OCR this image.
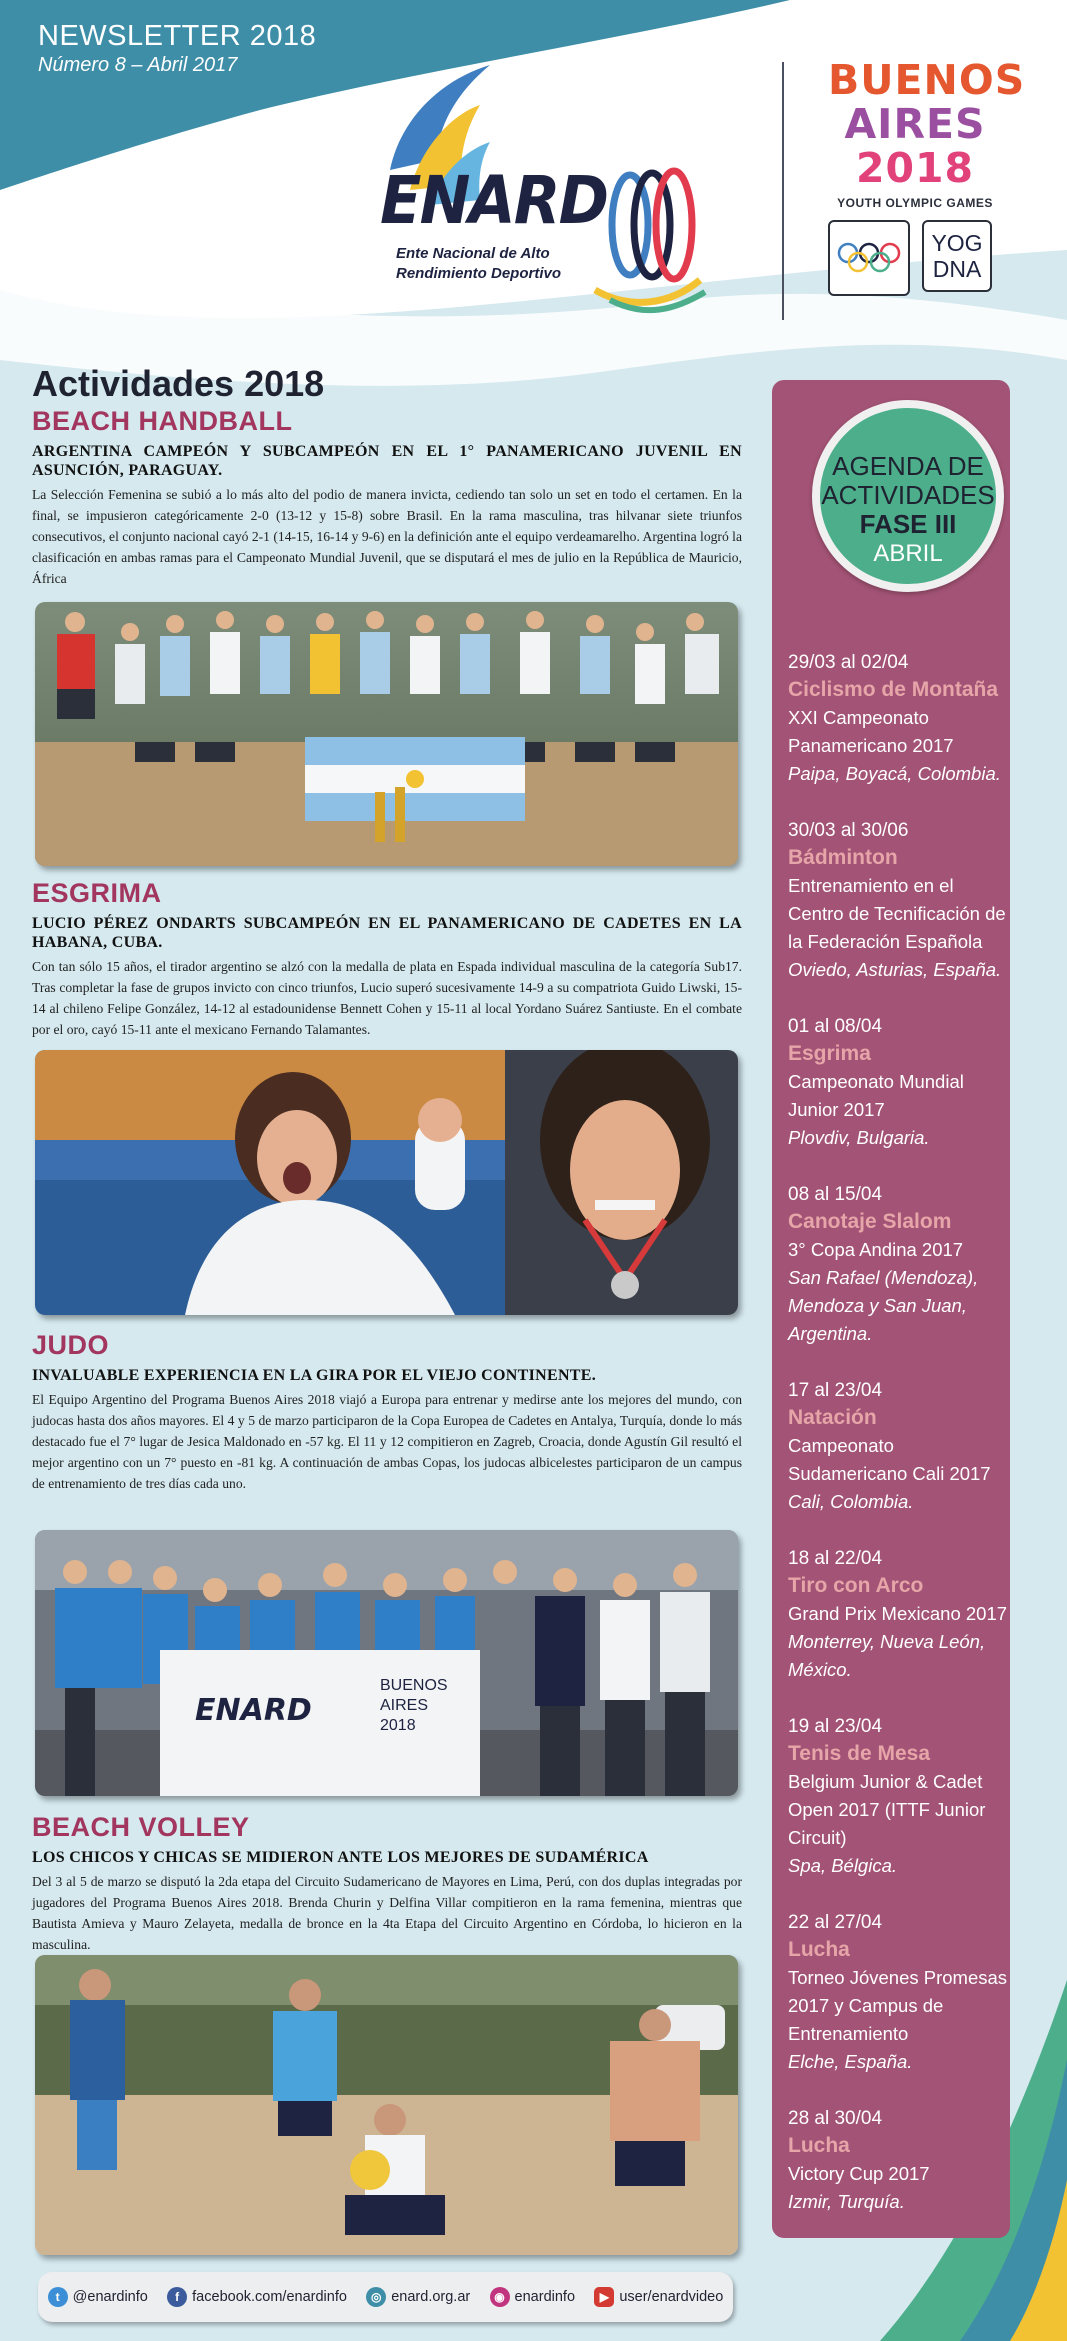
NEWSLETTER 2018
Número 8 – Abril 2017
ENARD
Ente Nacional de Alto
Rendimiento Deportivo
BUENOS
AIRES
2018
YOUTH OLYMPIC GAMES
YOG
DNA
Actividades 2018
BEACH HANDBALL
ARGENTINA CAMPEÓN Y SUBCAMPEÓN EN EL 1° PANAMERICANO JUVENIL EN ASUNCIÓN, PARAGUAY.

La Selección Femenina se subió a lo más alto del podio de manera invicta, cediendo tan solo un set en todo el certamen. En la final, se impusieron categóricamente 2-0 (13-12 y 15-8) sobre Brasil. En la rama masculina, tras hilvanar siete triunfos consecutivos, el conjunto nacional cayó 2-1 (14-15, 16-14 y 9-6) en la definición ante el equipo verdeamarelho. Argentina logró la clasificación en ambas ramas para el Campeonato Mundial Juvenil, que se disputará el mes de julio en la República de Mauricio, África

ESGRIMA
LUCIO PÉREZ ONDARTS SUBCAMPEÓN EN EL PANAMERICANO DE CADETES EN LA HABANA, CUBA.

Con tan sólo 15 años, el tirador argentino se alzó con la medalla de plata en Espada individual masculina de la categoría Sub17. Tras completar la fase de grupos invicto con cinco triunfos, Lucio superó sucesivamente 14-9 a su compatriota Guido Liwski, 15-14 al chileno Felipe González, 14-12 al estadounidense Bennett Cohen y 15-11 al local Yordano Suárez Santiuste. En el combate por el oro, cayó 15-11 ante el mexicano Fernando Talamantes.

JUDO
INVALUABLE EXPERIENCIA EN LA GIRA POR EL VIEJO CONTINENTE.

El Equipo Argentino del Programa Buenos Aires 2018 viajó a Europa para entrenar y medirse ante los mejores del mundo, con judocas hasta dos años mayores. El 4 y 5 de marzo participaron de la Copa Europea de Cadetes en Antalya, Turquía, donde lo más destacado fue el 7° lugar de Jesica Maldonado en -57 kg. El 11 y 12 compitieron en Zagreb, Croacia, donde Agustín Gil resultó el mejor argentino con un 7° puesto en -81 kg. A continuación de ambas Copas, los judocas albicelestes participaron de un campus de entrenamiento de tres días cada uno.

ENARD
BUENOS
AIRES
2018
BEACH VOLLEY
LOS CHICOS Y CHICAS SE MIDIERON ANTE LOS MEJORES DE SUDAMÉRICA

Del 3 al 5 de marzo se disputó la 2da etapa del Circuito Sudamericano de Mayores en Lima, Perú, con dos duplas integradas por jugadores del Programa Buenos Aires 2018. Brenda Churin y Delfina Villar compitieron en la rama femenina, mientras que Bautista Amieva y Mauro Zelayeta, medalla de bronce en la 4ta Etapa del Circuito Argentino en Córdoba, lo hicieron en la masculina.

AGENDA DE
ACTIVIDADES
FASE III
ABRIL
29/03 al 02/04
Ciclismo de Montaña
XXI Campeonato Panamericano 2017
Paipa, Boyacá, Colombia.
30/03 al 30/06
Bádminton
Entrenamiento en el Centro de Tecnificación de la Federación Española
Oviedo, Asturias, España.
01 al 08/04
Esgrima
Campeonato Mundial Junior 2017
Plovdiv, Bulgaria.
08 al 15/04
Canotaje Slalom
3° Copa Andina 2017
San Rafael (Mendoza), Mendoza y San Juan, Argentina.
17 al 23/04
Natación
Campeonato Sudamericano Cali 2017
Cali, Colombia.
18 al 22/04
Tiro con Arco
Grand Prix Mexicano 2017
Monterrey, Nueva León, México.
19 al 23/04
Tenis de Mesa
Belgium Junior & Cadet Open 2017 (ITTF Junior Circuit)
Spa, Bélgica.
22 al 27/04
Lucha
Torneo Jóvenes Promesas 2017 y Campus de Entrenamiento
Elche, España.
28 al 30/04
Lucha
Victory Cup 2017
Izmir, Turquía.
t @enardinfo	f facebook.com/enardinfo	◎ enard.org.ar	◉ enardinfo	▶ user/enardvideo
